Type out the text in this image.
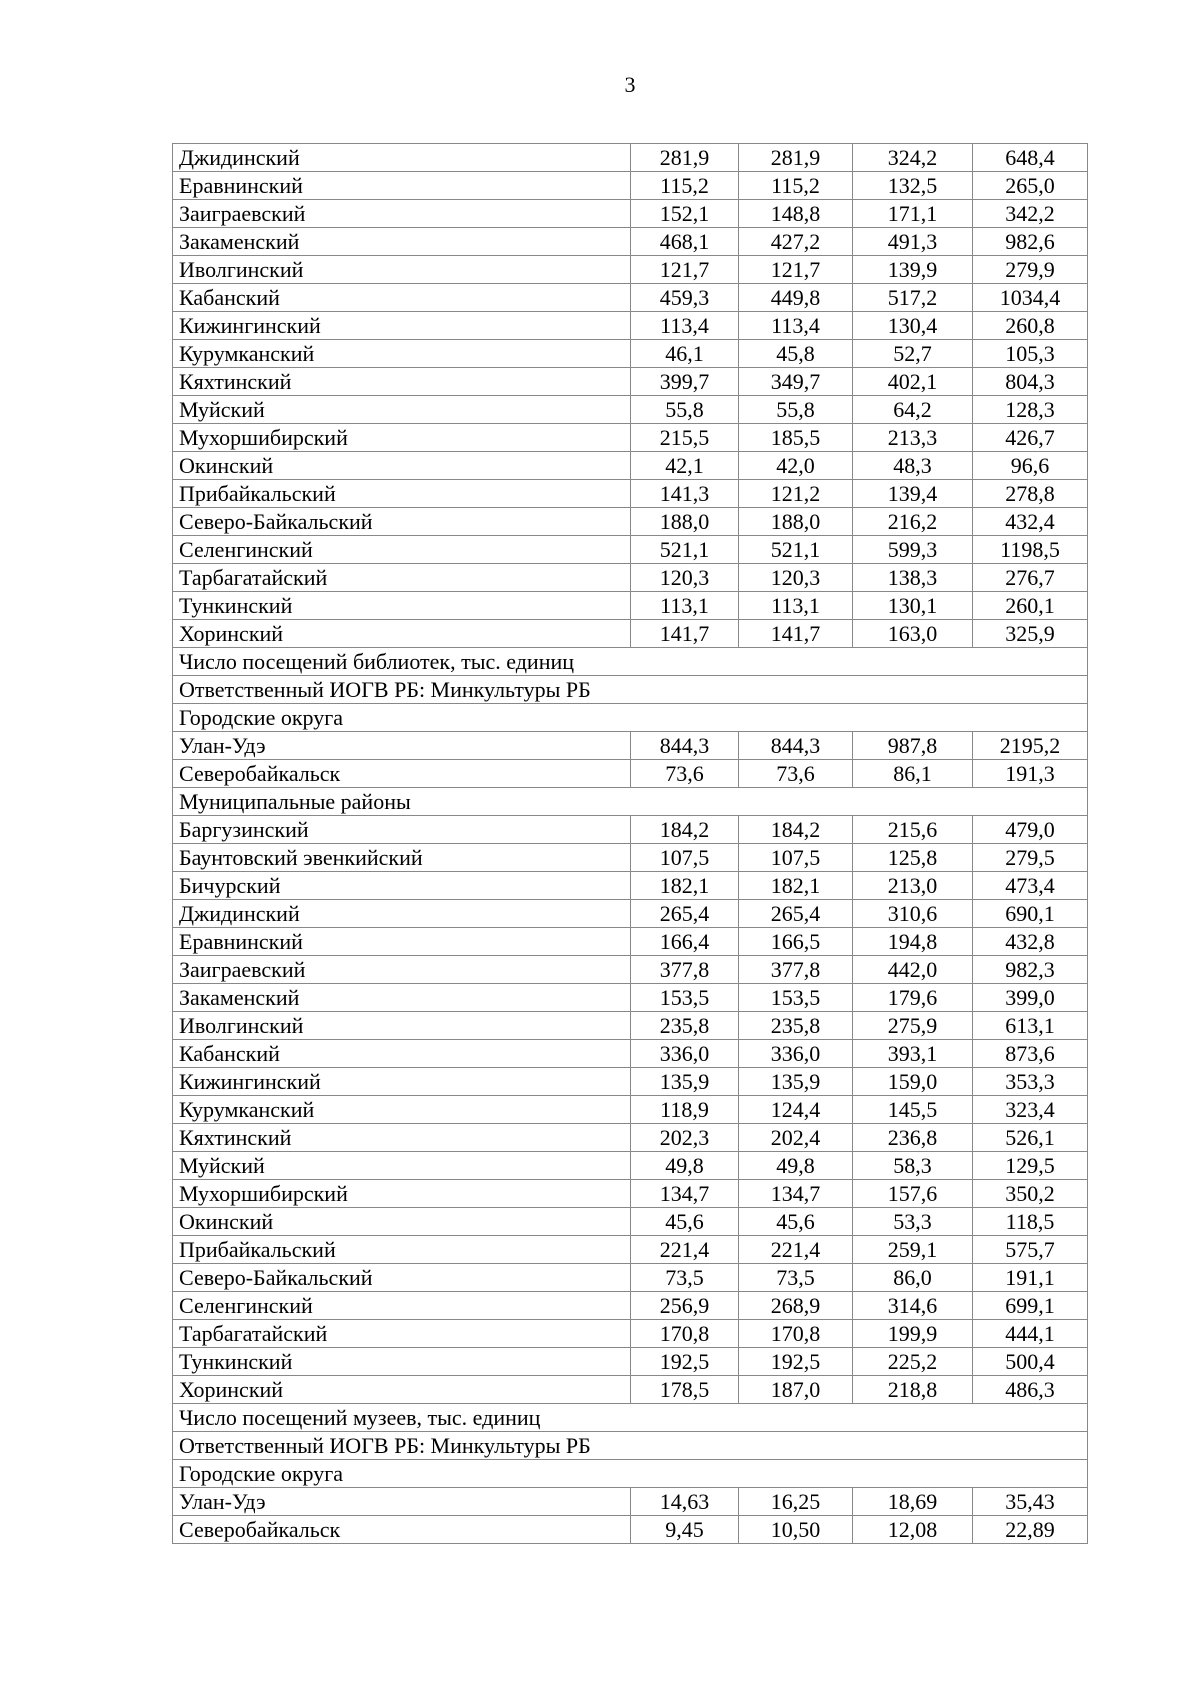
3
Джидинский	281,9	281,9	324,2	648,4
Еравнинский	115,2	115,2	132,5	265,0
Заиграевский	152,1	148,8	171,1	342,2
Закаменский	468,1	427,2	491,3	982,6
Иволгинский	121,7	121,7	139,9	279,9
Кабанский	459,3	449,8	517,2	1034,4
Кижингинский	113,4	113,4	130,4	260,8
Курумканский	46,1	45,8	52,7	105,3
Кяхтинский	399,7	349,7	402,1	804,3
Муйский	55,8	55,8	64,2	128,3
Мухоршибирский	215,5	185,5	213,3	426,7
Окинский	42,1	42,0	48,3	96,6
Прибайкальский	141,3	121,2	139,4	278,8
Северо-Байкальский	188,0	188,0	216,2	432,4
Селенгинский	521,1	521,1	599,3	1198,5
Тарбагатайский	120,3	120,3	138,3	276,7
Тункинский	113,1	113,1	130,1	260,1
Хоринский	141,7	141,7	163,0	325,9
Число посещений библиотек, тыс. единиц				
Ответственный ИОГВ РБ: Минкультуры РБ				
Городские округа				
Улан-Удэ	844,3	844,3	987,8	2195,2
Северобайкальск	73,6	73,6	86,1	191,3
Муниципальные районы				
Баргузинский	184,2	184,2	215,6	479,0
Баунтовский эвенкийский	107,5	107,5	125,8	279,5
Бичурский	182,1	182,1	213,0	473,4
Джидинский	265,4	265,4	310,6	690,1
Еравнинский	166,4	166,5	194,8	432,8
Заиграевский	377,8	377,8	442,0	982,3
Закаменский	153,5	153,5	179,6	399,0
Иволгинский	235,8	235,8	275,9	613,1
Кабанский	336,0	336,0	393,1	873,6
Кижингинский	135,9	135,9	159,0	353,3
Курумканский	118,9	124,4	145,5	323,4
Кяхтинский	202,3	202,4	236,8	526,1
Муйский	49,8	49,8	58,3	129,5
Мухоршибирский	134,7	134,7	157,6	350,2
Окинский	45,6	45,6	53,3	118,5
Прибайкальский	221,4	221,4	259,1	575,7
Северо-Байкальский	73,5	73,5	86,0	191,1
Селенгинский	256,9	268,9	314,6	699,1
Тарбагатайский	170,8	170,8	199,9	444,1
Тункинский	192,5	192,5	225,2	500,4
Хоринский	178,5	187,0	218,8	486,3
Число посещений музеев, тыс. единиц				
Ответственный ИОГВ РБ: Минкультуры РБ				
Городские округа				
Улан-Удэ	14,63	16,25	18,69	35,43
Северобайкальск	9,45	10,50	12,08	22,89
